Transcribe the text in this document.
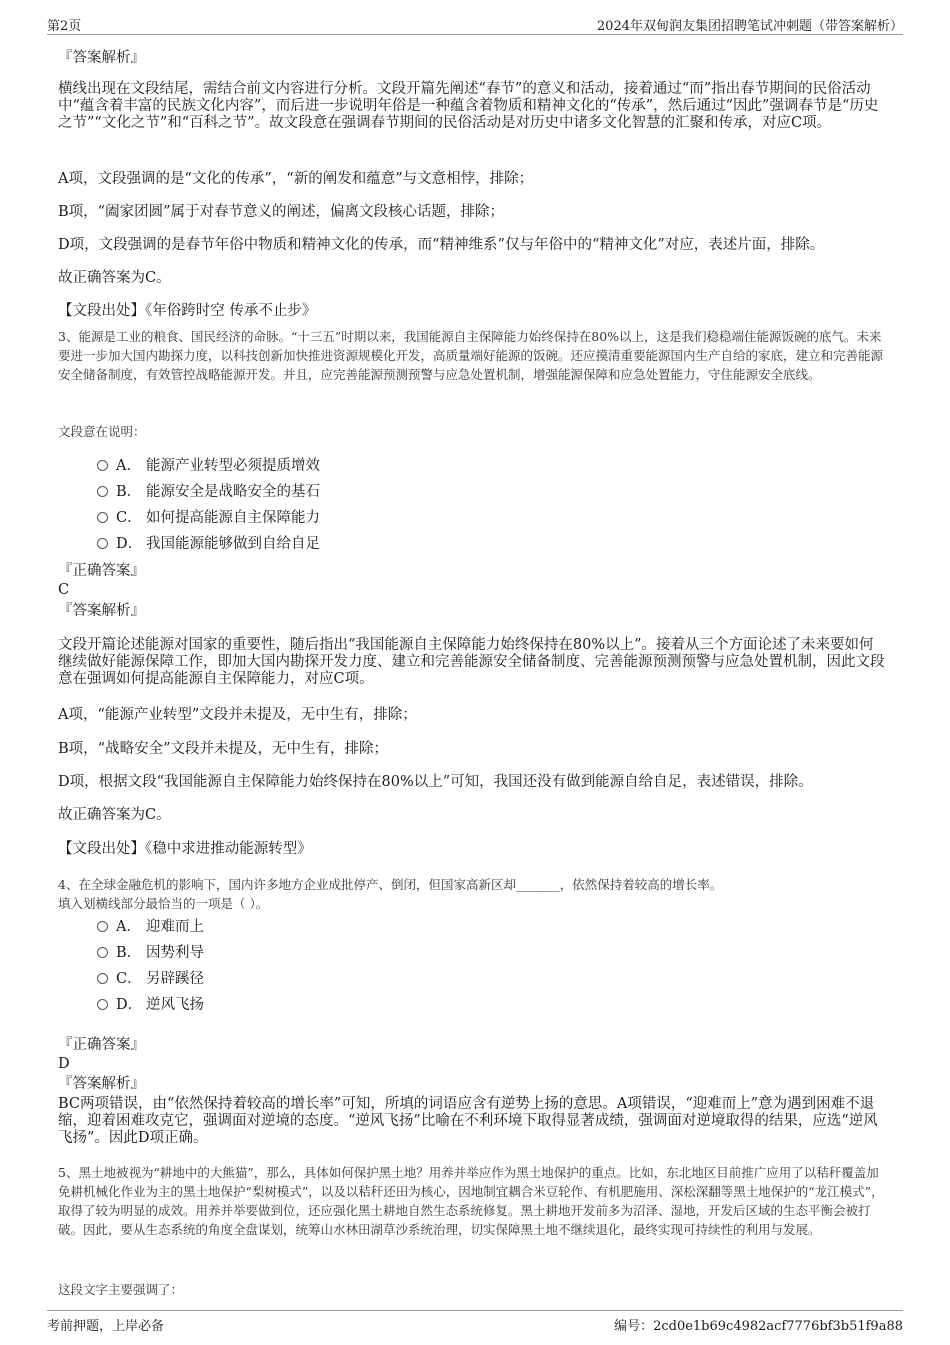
第2页	2024年双甸润友集团招聘笔试冲刺题（带答案解析）
『答案解析』
横线出现在文段结尾，需结合前文内容进行分析。文段开篇先阐述“春节”的意义和活动，接着通过“而”指出春节期间的民俗活动中“蕴含着丰富的民族文化内容”，而后进一步说明年俗是一种蕴含着物质和精神文化的“传承”，然后通过“因此”强调春节是“历史之节”“文化之节”和“百科之节”。故文段意在强调春节期间的民俗活动是对历史中诸多文化智慧的汇聚和传承，对应C项。
A项，文段强调的是“文化的传承”，“新的阐发和蕴意”与文意相悖，排除；
B项，“阖家团圆”属于对春节意义的阐述，偏离文段核心话题，排除；
D项，文段强调的是春节年俗中物质和精神文化的传承，而“精神维系”仅与年俗中的“精神文化”对应，表述片面，排除。
故正确答案为C。
【文段出处】《年俗跨时空 传承不止步》
3、能源是工业的粮食、国民经济的命脉。“十三五”时期以来，我国能源自主保障能力始终保持在80%以上，这是我们稳稳端住能源饭碗的底气。未来要进一步加大国内勘探力度，以科技创新加快推进资源规模化开发，高质量端好能源的饭碗。还应摸清重要能源国内生产自给的家底，建立和完善能源安全储备制度，有效管控战略能源开发。并且，应完善能源预测预警与应急处置机制，增强能源保障和应急处置能力，守住能源安全底线。
文段意在说明：
A． 能源产业转型必须提质增效
B． 能源安全是战略安全的基石
C． 如何提高能源自主保障能力
D． 我国能源能够做到自给自足
『正确答案』
C
『答案解析』
文段开篇论述能源对国家的重要性，随后指出“我国能源自主保障能力始终保持在80%以上”。接着从三个方面论述了未来要如何继续做好能源保障工作，即加大国内勘探开发力度、建立和完善能源安全储备制度、完善能源预测预警与应急处置机制，因此文段意在强调如何提高能源自主保障能力，对应C项。
A项，“能源产业转型”文段并未提及，无中生有，排除；
B项，“战略安全”文段并未提及，无中生有，排除；
D项，根据文段“我国能源自主保障能力始终保持在80%以上”可知，我国还没有做到能源自给自足，表述错误，排除。
故正确答案为C。
【文段出处】《稳中求进推动能源转型》
4、在全球金融危机的影响下，国内许多地方企业成批停产、倒闭，但国家高新区却_______，依然保持着较高的增长率。
填入划横线部分最恰当的一项是（ ）。
A． 迎难而上
B． 因势利导
C． 另辟蹊径
D． 逆风飞扬
『正确答案』
D
『答案解析』
BC两项错误，由“依然保持着较高的增长率”可知，所填的词语应含有逆势上扬的意思。A项错误，“迎难而上”意为遇到困难不退缩，迎着困难攻克它，强调面对逆境的态度。“逆风飞扬”比喻在不利环境下取得显著成绩，强调面对逆境取得的结果，应选“逆风飞扬”。因此D项正确。
5、黑土地被视为“耕地中的大熊猫”，那么，具体如何保护黑土地？用养并举应作为黑土地保护的重点。比如，东北地区目前推广应用了以秸秆覆盖加免耕机械化作业为主的黑土地保护“梨树模式”，以及以秸秆还田为核心，因地制宜耦合米豆轮作、有机肥施用、深松深翻等黑土地保护的“龙江模式”，取得了较为明显的成效。用养并举要做到位，还应强化黑土耕地自然生态系统修复。黑土耕地开发前多为沼泽、湿地，开发后区域的生态平衡会被打破。因此，要从生态系统的角度全盘谋划，统筹山水林田湖草沙系统治理，切实保障黑土地不继续退化，最终实现可持续性的利用与发展。
这段文字主要强调了：
考前押题，上岸必备	编号：2cd0e1b69c4982acf7776bf3b51f9a88
